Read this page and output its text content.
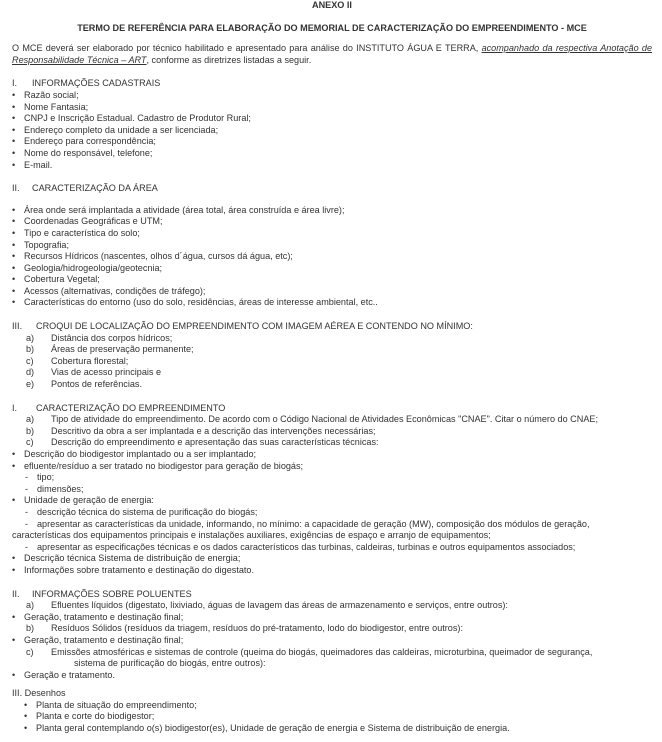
ANEXO II
TERMO DE REFERÊNCIA PARA ELABORAÇÃO DO MEMORIAL DE CARACTERIZAÇÃO DO EMPREENDIMENTO - MCE
O MCE deverá ser elaborado por técnico habilitado e apresentado para análise do INSTITUTO ÁGUA E TERRA, acompanhado da respectiva Anotação de Responsabilidade Técnica – ART, conforme as diretrizes listadas a seguir.
I.	INFORMAÇÕES CADASTRAIS
• Razão social;
• Nome Fantasia;
• CNPJ e Inscrição Estadual. Cadastro de Produtor Rural;
• Endereço completo da unidade a ser licenciada;
• Endereço para correspondência;
• Nome do responsável, telefone;
• E-mail.
II.	CARACTERIZAÇÃO DA ÁREA
• Área onde será implantada a atividade (área total, área construída e área livre);
• Coordenadas Geográficas e UTM;
• Tipo e característica do solo;
• Topografia;
• Recursos Hídricos (nascentes, olhos d´água, cursos dá água, etc);
• Geologia/hidrogeologia/geotecnia;
• Cobertura Vegetal;
• Acessos (alternativas, condições de tráfego);
• Características do entorno (uso do solo, residências, áreas de interesse ambiental, etc..
III.	CROQUI DE LOCALIZAÇÃO DO EMPREENDIMENTO COM IMAGEM AÉREA E CONTENDO NO MÍNIMO:
a)	Distância dos corpos hídricos;
b)	Áreas de preservação permanente;
c)	Cobertura florestal;
d)	Vias de acesso principais e
e)	Pontos de referências.
I.	CARACTERIZAÇÃO DO EMPREENDIMENTO
a)	Tipo de atividade do empreendimento. De acordo com o Código Nacional de Atividades Econômicas "CNAE". Citar o número do CNAE;
b)	Descritivo da obra a ser implantada e a descrição das intervenções necessárias;
c)	Descrição do empreendimento e apresentação das suas características técnicas:
• Descrição do biodigestor implantado ou a ser implantado;
• efluente/resíduo a ser tratado no biodigestor para geração de biogás;
- tipo;
- dimensões;
• Unidade de geração de energia:
- descrição técnica do sistema de purificação do biogás;
- apresentar as características da unidade, informando, no mínimo: a capacidade de geração (MW), composição dos módulos de geração,
características dos equipamentos principais e instalações auxiliares, exigências de espaço e arranjo de equipamentos;
- apresentar as especificações técnicas e os dados característicos das turbinas, caldeiras, turbinas e outros equipamentos associados;
• Descrição técnica Sistema de distribuição de energia;
• Informações sobre tratamento e destinação do digestato.
II.	INFORMAÇÕES SOBRE POLUENTES
a)	Efluentes líquidos (digestato, lixiviado, águas de lavagem das áreas de armazenamento e serviços, entre outros):
• Geração, tratamento e destinação final;
b)	Resíduos Sólidos (resíduos da triagem, resíduos do pré-tratamento, lodo do biodigestor, entre outros):
• Geração, tratamento e destinação final;
c)	Emissões atmosféricas e sistemas de controle (queima do biogás, queimadores das caldeiras, microturbina, queimador de segurança,
sistema de purificação do biogás, entre outros):
• Geração e tratamento.
III. Desenhos
• Planta de situação do empreendimento;
• Planta e corte do biodigestor;
• Planta geral contemplando o(s) biodigestor(es), Unidade de geração de energia e Sistema de distribuição de energia.
